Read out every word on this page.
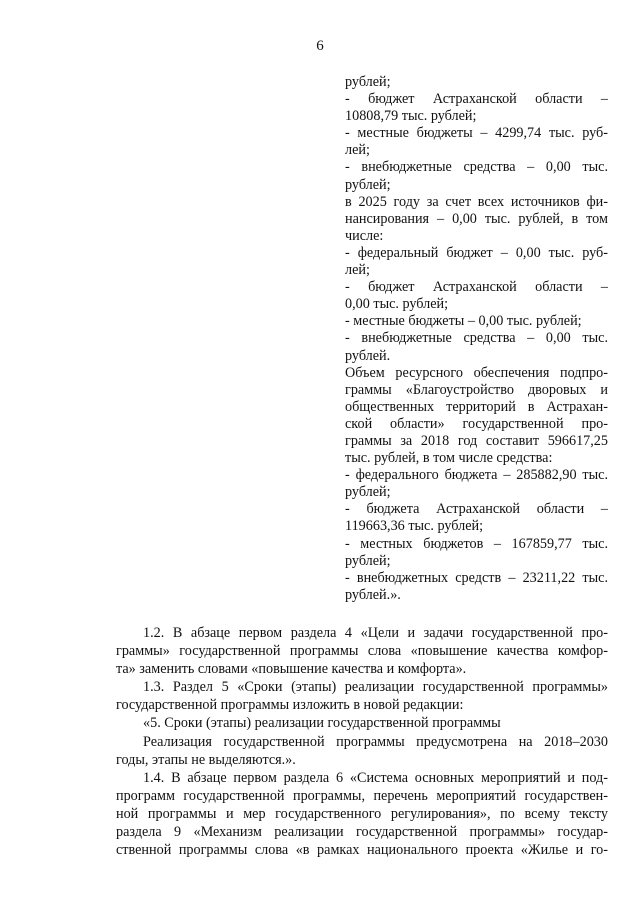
6
рублей;
- бюджет Астраханской области –
10808,79 тыс. рублей;
- местные бюджеты – 4299,74 тыс. руб-
лей;
- внебюджетные средства – 0,00 тыс.
рублей;
в 2025 году за счет всех источников фи-
нансирования – 0,00 тыс. рублей, в том
числе:
- федеральный бюджет – 0,00 тыс. руб-
лей;
- бюджет Астраханской области –
0,00 тыс. рублей;
- местные бюджеты – 0,00 тыс. рублей;
- внебюджетные средства – 0,00 тыс.
рублей.
Объем ресурсного обеспечения подпро-
граммы «Благоустройство дворовых и
общественных территорий в Астрахан-
ской области» государственной про-
граммы за 2018 год составит 596617,25
тыс. рублей, в том числе средства:
- федерального бюджета – 285882,90 тыс.
рублей;
- бюджета Астраханской области –
119663,36 тыс. рублей;
- местных бюджетов – 167859,77 тыс.
рублей;
- внебюджетных средств – 23211,22 тыс.
рублей.».
1.2. В абзаце первом раздела 4 «Цели и задачи государственной про-
граммы» государственной программы слова «повышение качества комфор-
та» заменить словами «повышение качества и комфорта».
1.3. Раздел 5 «Сроки (этапы) реализации государственной программы»
государственной программы изложить в новой редакции:
«5. Сроки (этапы) реализации государственной программы
Реализация государственной программы предусмотрена на 2018–2030
годы, этапы не выделяются.».
1.4. В абзаце первом раздела 6 «Система основных мероприятий и под-
программ государственной программы, перечень мероприятий государствен-
ной программы и мер государственного регулирования», по всему тексту
раздела 9 «Механизм реализации государственной программы» государ-
ственной программы слова «в рамках национального проекта «Жилье и го-
